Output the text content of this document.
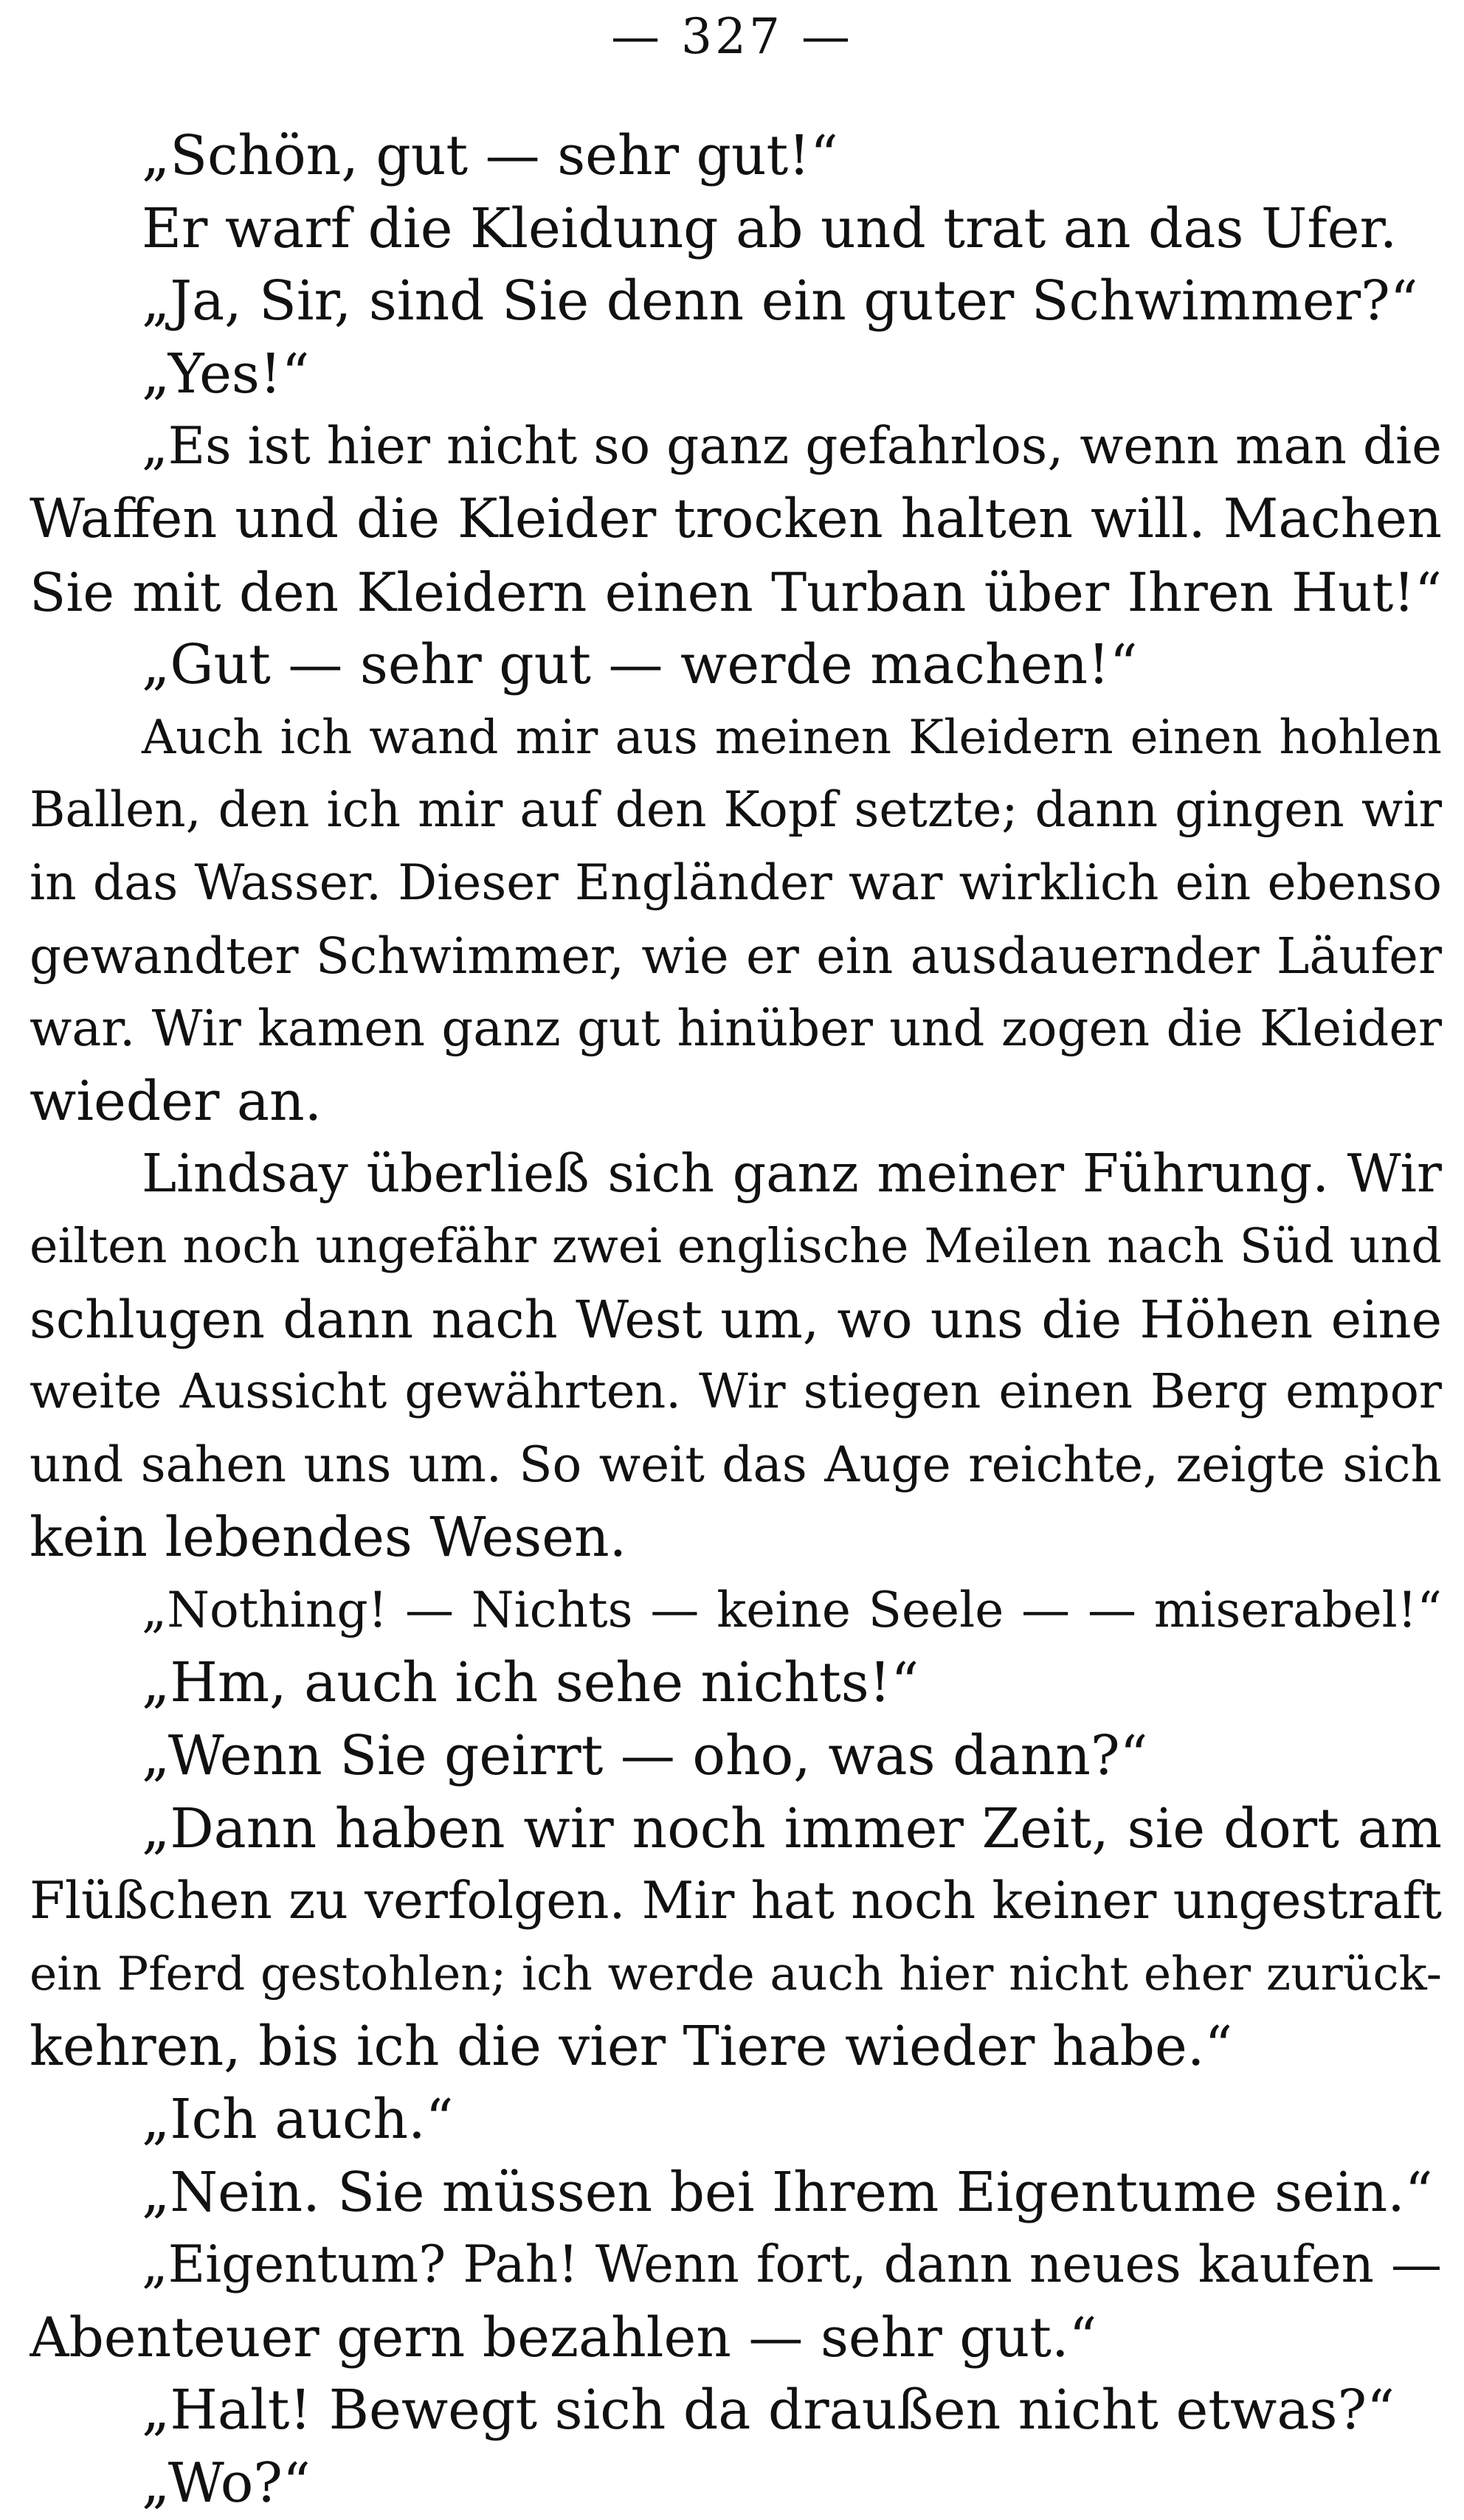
— 327 —
„Schön, gut — sehr gut!“
Er warf die Kleidung ab und trat an das Ufer.
„Ja, Sir, sind Sie denn ein guter Schwimmer?“
„Yes!“
„Es ist hier nicht so ganz gefahrlos, wenn man die
Waffen und die Kleider trocken halten will. Machen
Sie mit den Kleidern einen Turban über Ihren Hut!“
„Gut — sehr gut — werde machen!“
Auch ich wand mir aus meinen Kleidern einen hohlen
Ballen, den ich mir auf den Kopf setzte; dann gingen wir
in das Wasser. Dieser Engländer war wirklich ein ebenso
gewandter Schwimmer, wie er ein ausdauernder Läufer
war. Wir kamen ganz gut hinüber und zogen die Kleider
wieder an.
Lindsay überließ sich ganz meiner Führung. Wir
eilten noch ungefähr zwei englische Meilen nach Süd und
schlugen dann nach West um, wo uns die Höhen eine
weite Aussicht gewährten. Wir stiegen einen Berg empor
und sahen uns um. So weit das Auge reichte, zeigte sich
kein lebendes Wesen.
„Nothing! — Nichts — keine Seele — — miserabel!“
„Hm, auch ich sehe nichts!“
„Wenn Sie geirrt — oho, was dann?“
„Dann haben wir noch immer Zeit, sie dort am
Flüßchen zu verfolgen. Mir hat noch keiner ungestraft
ein Pferd gestohlen; ich werde auch hier nicht eher zurück-
kehren, bis ich die vier Tiere wieder habe.“
„Ich auch.“
„Nein. Sie müssen bei Ihrem Eigentume sein.“
„Eigentum? Pah! Wenn fort, dann neues kaufen —
Abenteuer gern bezahlen — sehr gut.“
„Halt! Bewegt sich da draußen nicht etwas?“
„Wo?“
